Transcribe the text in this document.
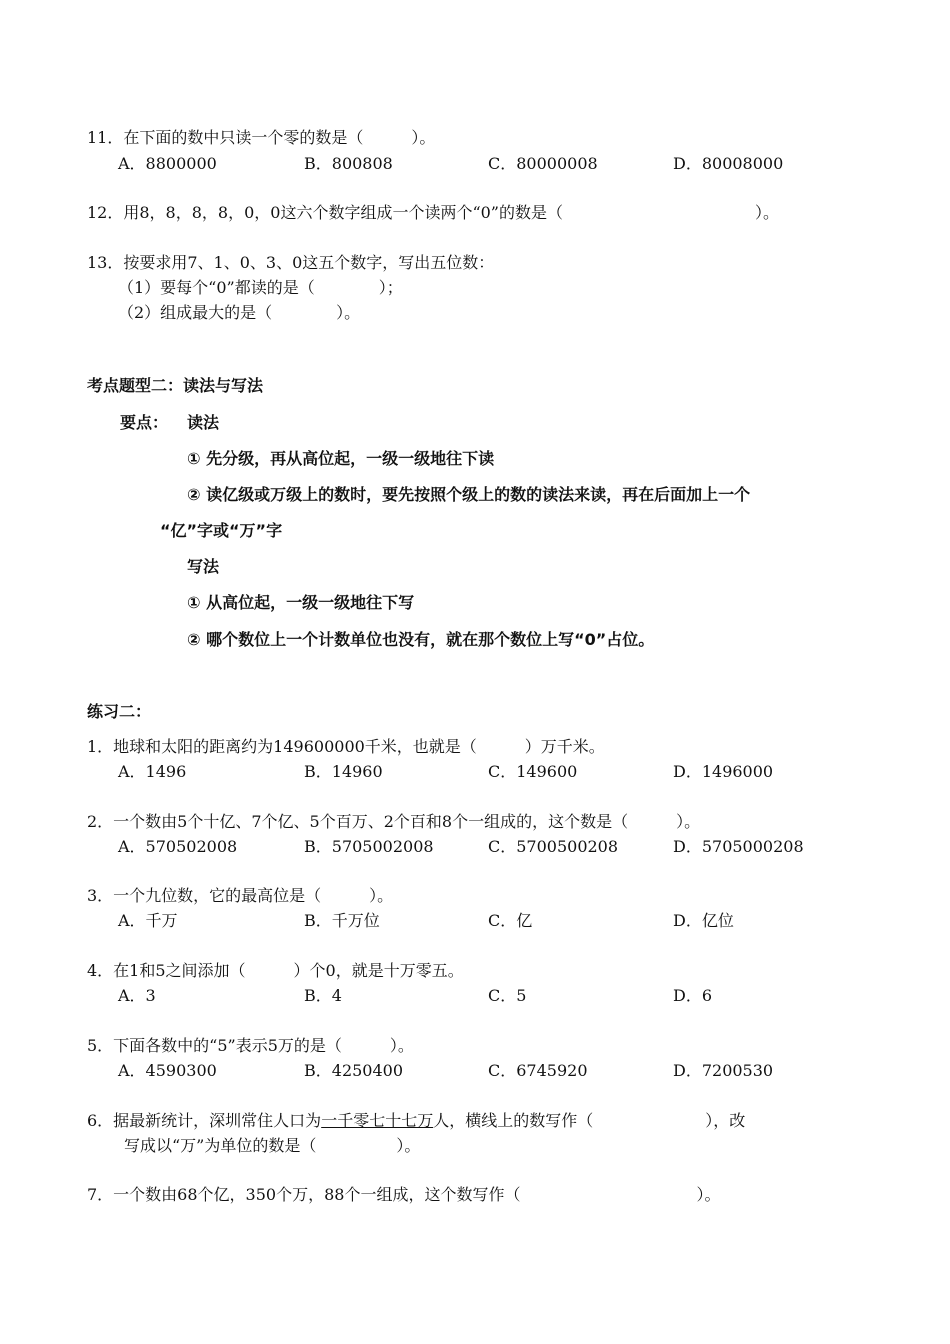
11．在下面的数中只读一个零的数是（　　　）。
A．8800000	B．800808	C．80000008	D．80008000
12．用8，8，8，8，0，0这六个数字组成一个读两个“0”的数是（　　　　　　　　　　　　）。
13．按要求用7、1、0、3、0这五个数字，写出五位数：
（1）要每个“0”都读的是（　　　　）；
（2）组成最大的是（　　　　）。
考点题型二：读法与写法
要点： 读法
① 先分级，再从高位起，一级一级地往下读
② 读亿级或万级上的数时，要先按照个级上的数的读法来读，再在后面加上一个
“亿”字或“万”字
写法
① 从高位起，一级一级地往下写
② 哪个数位上一个计数单位也没有，就在那个数位上写“0”占位。
练习二：
1．地球和太阳的距离约为149600000千米，也就是（　　　）万千米。
A．1496	B．14960	C．149600	D．1496000
2．一个数由5个十亿、7个亿、5个百万、2个百和8个一组成的，这个数是（　　　）。
A．570502008	B．5705002008	C．5700500208	D．5705000208
3．一个九位数，它的最高位是（　　　）。
A．千万	B．千万位	C．亿	D．亿位
4．在1和5之间添加（　　　）个0，就是十万零五。
A．3	B．4	C．5	D．6
5．下面各数中的“5”表示5万的是（　　　）。
A．4590300	B．4250400	C．6745920	D．7200530
6．据最新统计，深圳常住人口为一千零七十七万人，横线上的数写作（　　　　　　　），改
写成以“万”为单位的数是（　　　　　）。
7．一个数由68个亿，350个万，88个一组成，这个数写作（　　　　　　　　　　　）。
